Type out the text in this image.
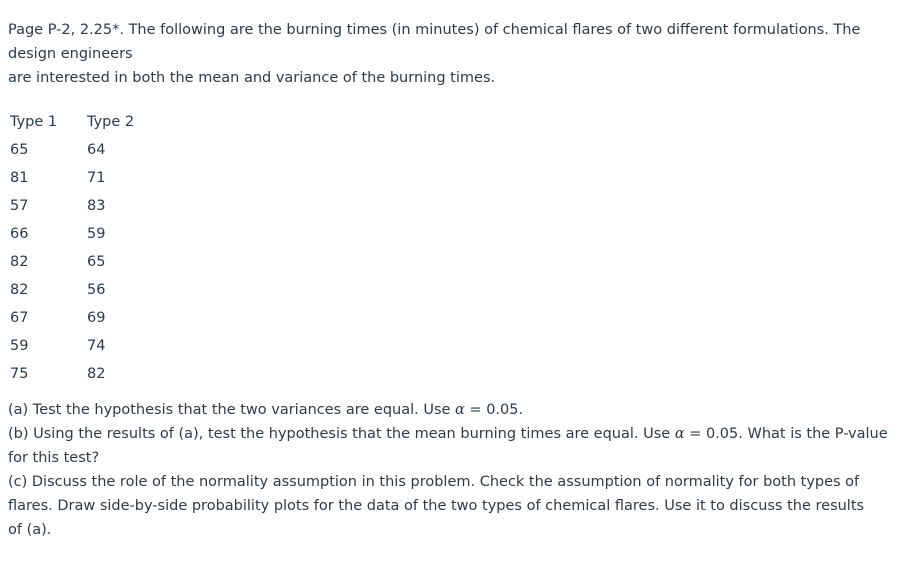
Page P-2, 2.25*. The following are the burning times (in minutes) of chemical flares of two different formulations. The

design engineers

are interested in both the mean and variance of the burning times.

Type 1	Type 2
65	64
81	71
57	83
66	59
82	65
82	56
67	69
59	74
75	82

(a) Test the hypothesis that the two variances are equal. Use α = 0.05.

(b) Using the results of (a), test the hypothesis that the mean burning times are equal. Use α = 0.05. What is the P-value

for this test?

(c) Discuss the role of the normality assumption in this problem. Check the assumption of normality for both types of

flares. Draw side-by-side probability plots for the data of the two types of chemical flares. Use it to discuss the results

of (a).
